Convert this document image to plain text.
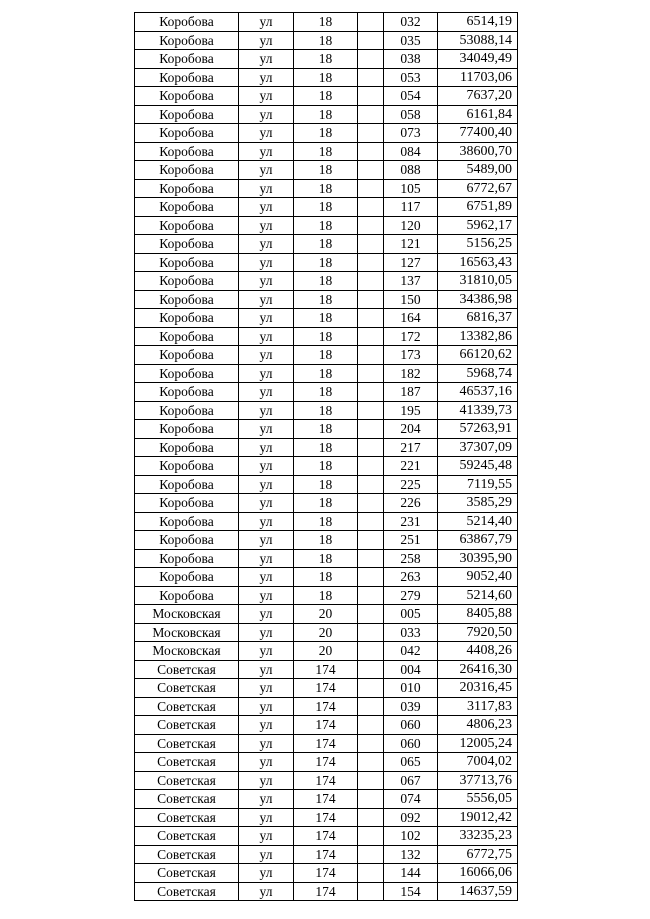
Коробова	ул	18		032	6514,19
Коробова	ул	18		035	53088,14
Коробова	ул	18		038	34049,49
Коробова	ул	18		053	11703,06
Коробова	ул	18		054	7637,20
Коробова	ул	18		058	6161,84
Коробова	ул	18		073	77400,40
Коробова	ул	18		084	38600,70
Коробова	ул	18		088	5489,00
Коробова	ул	18		105	6772,67
Коробова	ул	18		117	6751,89
Коробова	ул	18		120	5962,17
Коробова	ул	18		121	5156,25
Коробова	ул	18		127	16563,43
Коробова	ул	18		137	31810,05
Коробова	ул	18		150	34386,98
Коробова	ул	18		164	6816,37
Коробова	ул	18		172	13382,86
Коробова	ул	18		173	66120,62
Коробова	ул	18		182	5968,74
Коробова	ул	18		187	46537,16
Коробова	ул	18		195	41339,73
Коробова	ул	18		204	57263,91
Коробова	ул	18		217	37307,09
Коробова	ул	18		221	59245,48
Коробова	ул	18		225	7119,55
Коробова	ул	18		226	3585,29
Коробова	ул	18		231	5214,40
Коробова	ул	18		251	63867,79
Коробова	ул	18		258	30395,90
Коробова	ул	18		263	9052,40
Коробова	ул	18		279	5214,60
Московская	ул	20		005	8405,88
Московская	ул	20		033	7920,50
Московская	ул	20		042	4408,26
Советская	ул	174		004	26416,30
Советская	ул	174		010	20316,45
Советская	ул	174		039	3117,83
Советская	ул	174		060	4806,23
Советская	ул	174		060	12005,24
Советская	ул	174		065	7004,02
Советская	ул	174		067	37713,76
Советская	ул	174		074	5556,05
Советская	ул	174		092	19012,42
Советская	ул	174		102	33235,23
Советская	ул	174		132	6772,75
Советская	ул	174		144	16066,06
Советская	ул	174		154	14637,59
